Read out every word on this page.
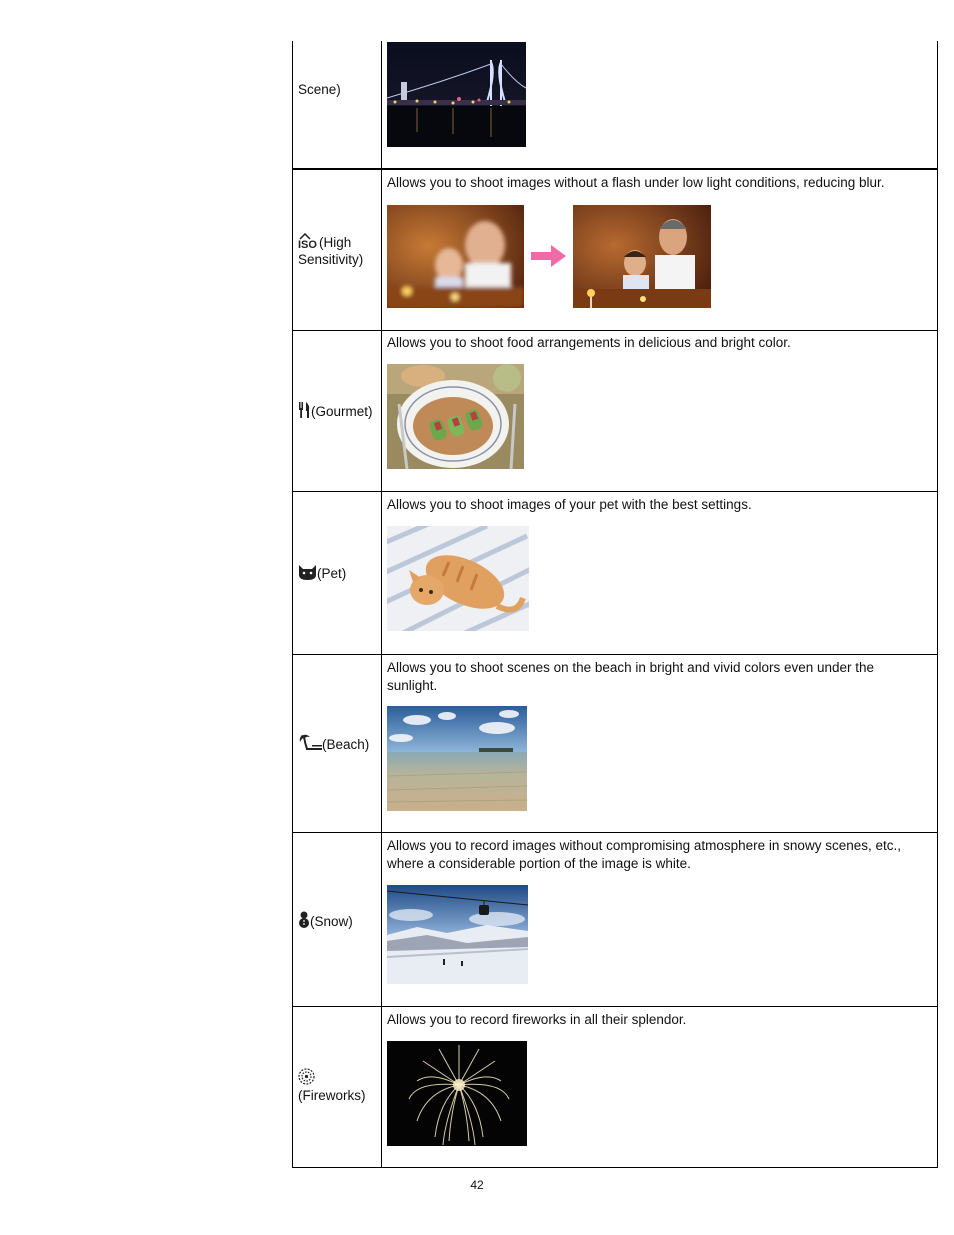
Scene)
ISO (High Sensitivity)
Allows you to shoot images without a flash under low light conditions, reducing blur.
(Gourmet)
Allows you to shoot food arrangements in delicious and bright color.
(Pet)
Allows you to shoot images of your pet with the best settings.
(Beach)
Allows you to shoot scenes on the beach in bright and vivid colors even under the sunlight.
(Snow)
Allows you to record images without compromising atmosphere in snowy scenes, etc., where a considerable portion of the image is white.

(Fireworks)
Allows you to record fireworks in all their splendor.
42
